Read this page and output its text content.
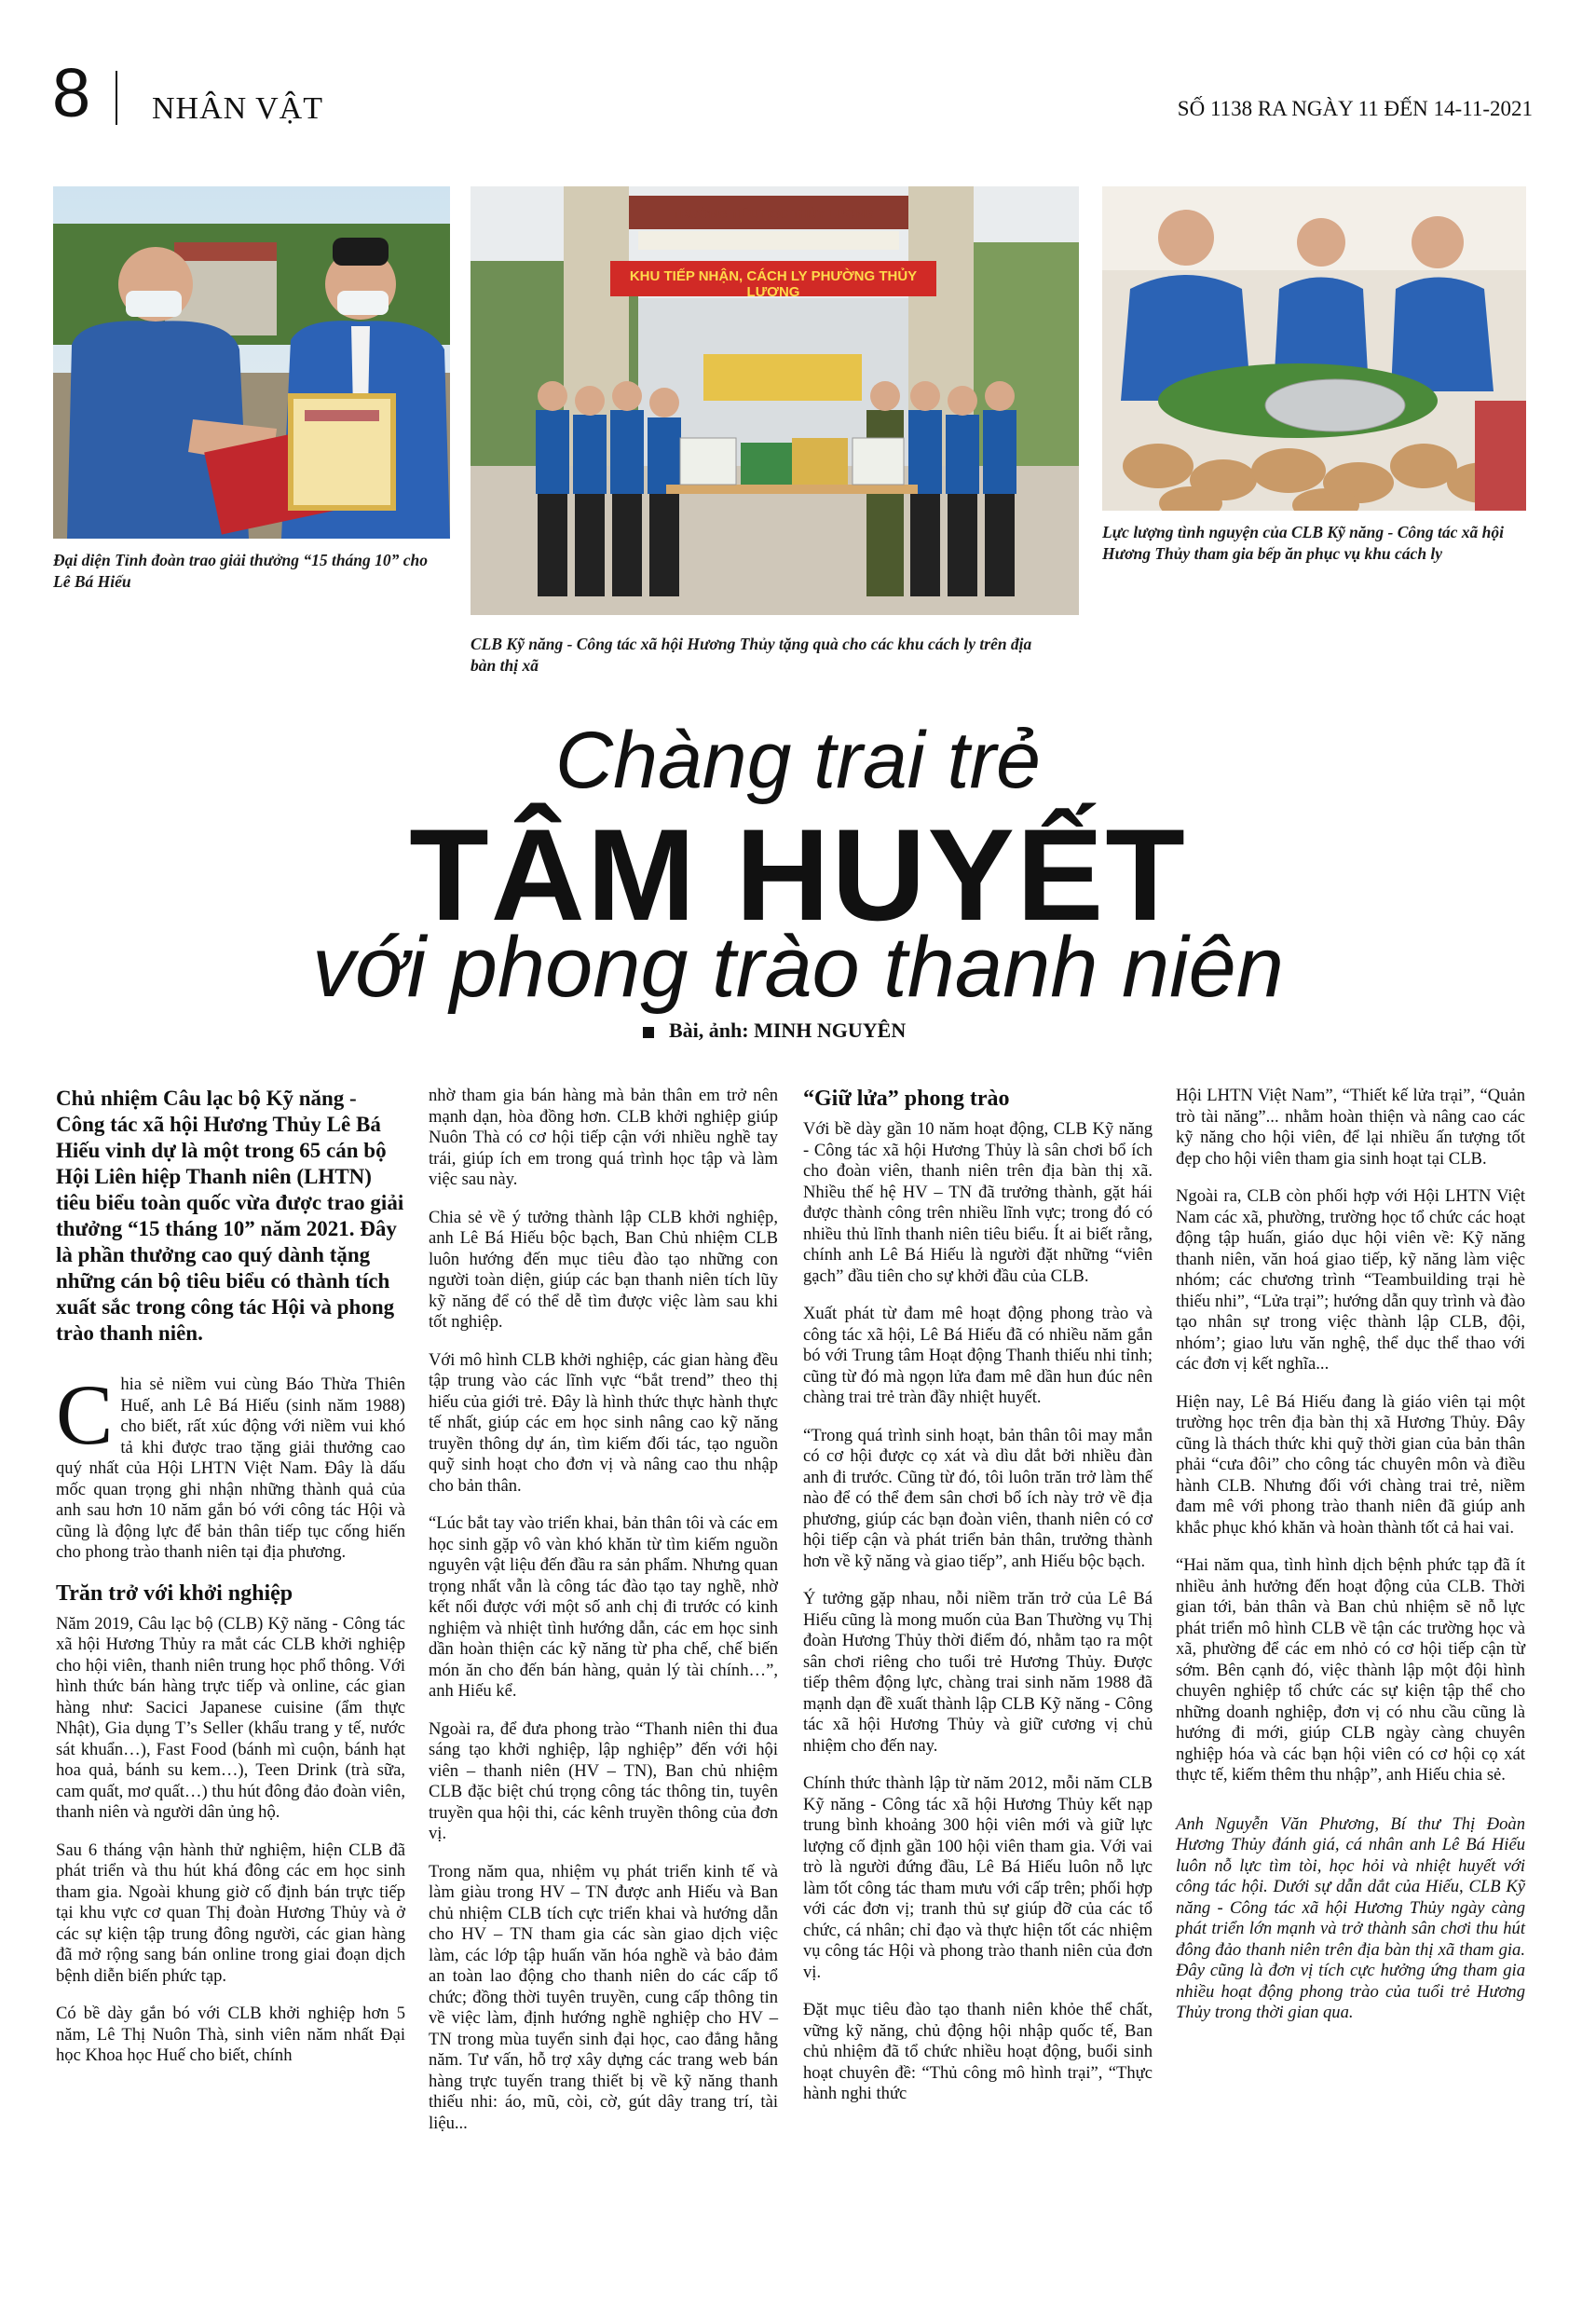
8 NHÂN VẬT	SỐ 1138 RA NGÀY 11 ĐẾN 14-11-2021
Đại diện Tỉnh đoàn trao giải thưởng “15 tháng 10” cho Lê Bá Hiếu
TRƯỜNG TIỂU HỌC THỦY LƯƠNG
KHU TIẾP NHẬN, CÁCH LY PHƯỜNG THỦY LƯƠNG
CLB Kỹ năng - Công tác xã hội Hương Thủy tặng quà cho các khu cách ly trên địa bàn thị xã
Lực lượng tình nguyện của CLB Kỹ năng - Công tác xã hội Hương Thủy tham gia bếp ăn phục vụ khu cách ly
Chàng trai trẻ
TÂM HUYẾT
với phong trào thanh niên
Bài, ảnh: MINH NGUYÊN

Chủ nhiệm Câu lạc bộ Kỹ năng - Công tác xã hội Hương Thủy Lê Bá Hiếu vinh dự là một trong 65 cán bộ Hội Liên hiệp Thanh niên (LHTN) tiêu biểu toàn quốc vừa được trao giải thưởng “15 tháng 10” năm 2021. Đây là phần thưởng cao quý dành tặng những cán bộ tiêu biểu có thành tích xuất sắc trong công tác Hội và phong trào thanh niên.

Chia sẻ niềm vui cùng Báo Thừa Thiên Huế, anh Lê Bá Hiếu (sinh năm 1988) cho biết, rất xúc động với niềm vui khó tả khi được trao tặng giải thưởng cao quý nhất của Hội LHTN Việt Nam. Đây là dấu mốc quan trọng ghi nhận những thành quả của anh sau hơn 10 năm gắn bó với công tác Hội và cũng là động lực để bản thân tiếp tục cống hiến cho phong trào thanh niên tại địa phương.

Trăn trở với khởi nghiệp

Năm 2019, Câu lạc bộ (CLB) Kỹ năng - Công tác xã hội Hương Thủy ra mắt các CLB khởi nghiệp cho hội viên, thanh niên trung học phổ thông. Với hình thức bán hàng trực tiếp và online, các gian hàng như: Sacici Japanese cuisine (ẩm thực Nhật), Gia dụng T’s Seller (khẩu trang y tế, nước sát khuẩn…), Fast Food (bánh mì cuộn, bánh hạt hoa quả, bánh su kem…), Teen Drink (trà sữa, cam quất, mơ quất…) thu hút đông đảo đoàn viên, thanh niên và người dân ủng hộ.

Sau 6 tháng vận hành thử nghiệm, hiện CLB đã phát triển và thu hút khá đông các em học sinh tham gia. Ngoài khung giờ cố định bán trực tiếp tại khu vực cơ quan Thị đoàn Hương Thủy và ở các sự kiện tập trung đông người, các gian hàng đã mở rộng sang bán online trong giai đoạn dịch bệnh diễn biến phức tạp.

Có bề dày gắn bó với CLB khởi nghiệp hơn 5 năm, Lê Thị Nuôn Thà, sinh viên năm nhất Đại học Khoa học Huế cho biết, chính

nhờ tham gia bán hàng mà bản thân em trở nên mạnh dạn, hòa đồng hơn. CLB khởi nghiệp giúp Nuôn Thà có cơ hội tiếp cận với nhiều nghề tay trái, giúp ích em trong quá trình học tập và làm việc sau này.

Chia sẻ về ý tưởng thành lập CLB khởi nghiệp, anh Lê Bá Hiếu bộc bạch, Ban Chủ nhiệm CLB luôn hướng đến mục tiêu đào tạo những con người toàn diện, giúp các bạn thanh niên tích lũy kỹ năng để có thể dễ tìm được việc làm sau khi tốt nghiệp.

Với mô hình CLB khởi nghiệp, các gian hàng đều tập trung vào các lĩnh vực “bắt trend” theo thị hiếu của giới trẻ. Đây là hình thức thực hành thực tế nhất, giúp các em học sinh nâng cao kỹ năng truyền thông dự án, tìm kiếm đối tác, tạo nguồn quỹ sinh hoạt cho đơn vị và nâng cao thu nhập cho bản thân.

“Lúc bắt tay vào triển khai, bản thân tôi và các em học sinh gặp vô vàn khó khăn từ tìm kiếm nguồn nguyên vật liệu đến đầu ra sản phẩm. Nhưng quan trọng nhất vẫn là công tác đào tạo tay nghề, nhờ kết nối được với một số anh chị đi trước có kinh nghiệm và nhiệt tình hướng dẫn, các em học sinh dần hoàn thiện các kỹ năng từ pha chế, chế biến món ăn cho đến bán hàng, quản lý tài chính…”, anh Hiếu kể.

Ngoài ra, để đưa phong trào “Thanh niên thi đua sáng tạo khởi nghiệp, lập nghiệp” đến với hội viên – thanh niên (HV – TN), Ban chủ nhiệm CLB đặc biệt chú trọng công tác thông tin, tuyên truyền qua hội thi, các kênh truyền thông của đơn vị.

Trong năm qua, nhiệm vụ phát triển kinh tế và làm giàu trong HV – TN được anh Hiếu và Ban chủ nhiệm CLB tích cực triển khai và hướng dẫn cho HV – TN tham gia các sàn giao dịch việc làm, các lớp tập huấn văn hóa nghề và bảo đảm an toàn lao động cho thanh niên do các cấp tổ chức; đồng thời tuyên truyền, cung cấp thông tin về việc làm, định hướng nghề nghiệp cho HV – TN trong mùa tuyển sinh đại học, cao đẳng hằng năm. Tư vấn, hỗ trợ xây dựng các trang web bán hàng trực tuyến trang thiết bị về kỹ năng thanh thiếu nhi: áo, mũ, còi, cờ, gút dây trang trí, tài liệu...

“Giữ lửa” phong trào

Với bề dày gần 10 năm hoạt động, CLB Kỹ năng - Công tác xã hội Hương Thủy là sân chơi bổ ích cho đoàn viên, thanh niên trên địa bàn thị xã. Nhiều thế hệ HV – TN đã trưởng thành, gặt hái được thành công trên nhiều lĩnh vực; trong đó có nhiều thủ lĩnh thanh niên tiêu biểu. Ít ai biết rằng, chính anh Lê Bá Hiếu là người đặt những “viên gạch” đầu tiên cho sự khởi đầu của CLB.

Xuất phát từ đam mê hoạt động phong trào và công tác xã hội, Lê Bá Hiếu đã có nhiều năm gắn bó với Trung tâm Hoạt động Thanh thiếu nhi tỉnh; cũng từ đó mà ngọn lửa đam mê dần hun đúc nên chàng trai trẻ tràn đầy nhiệt huyết.

“Trong quá trình sinh hoạt, bản thân tôi may mắn có cơ hội được cọ xát và dìu dắt bởi nhiều đàn anh đi trước. Cũng từ đó, tôi luôn trăn trở làm thế nào để có thể đem sân chơi bổ ích này trở về địa phương, giúp các bạn đoàn viên, thanh niên có cơ hội tiếp cận và phát triển bản thân, trưởng thành hơn về kỹ năng và giao tiếp”, anh Hiếu bộc bạch.

Ý tưởng gặp nhau, nỗi niềm trăn trở của Lê Bá Hiếu cũng là mong muốn của Ban Thường vụ Thị đoàn Hương Thủy thời điểm đó, nhằm tạo ra một sân chơi riêng cho tuổi trẻ Hương Thủy. Được tiếp thêm động lực, chàng trai sinh năm 1988 đã mạnh dạn đề xuất thành lập CLB Kỹ năng - Công tác xã hội Hương Thủy và giữ cương vị chủ nhiệm cho đến nay.

Chính thức thành lập từ năm 2012, mỗi năm CLB Kỹ năng - Công tác xã hội Hương Thủy kết nạp trung bình khoảng 300 hội viên mới và giữ lực lượng cố định gần 100 hội viên tham gia. Với vai trò là người đứng đầu, Lê Bá Hiếu luôn nỗ lực làm tốt công tác tham mưu với cấp trên; phối hợp với các đơn vị; tranh thủ sự giúp đỡ của các tổ chức, cá nhân; chỉ đạo và thực hiện tốt các nhiệm vụ công tác Hội và phong trào thanh niên của đơn vị.

Đặt mục tiêu đào tạo thanh niên khỏe thể chất, vững kỹ năng, chủ động hội nhập quốc tế, Ban chủ nhiệm đã tổ chức nhiều hoạt động, buổi sinh hoạt chuyên đề: “Thủ công mô hình trại”, “Thực hành nghi thức

Hội LHTN Việt Nam”, “Thiết kế lửa trại”, “Quản trò tài năng”... nhằm hoàn thiện và nâng cao các kỹ năng cho hội viên, để lại nhiều ấn tượng tốt đẹp cho hội viên tham gia sinh hoạt tại CLB.

Ngoài ra, CLB còn phối hợp với Hội LHTN Việt Nam các xã, phường, trường học tổ chức các hoạt động tập huấn, giáo dục hội viên về: Kỹ năng thanh niên, văn hoá giao tiếp, kỹ năng làm việc nhóm; các chương trình “Teambuilding trại hè thiếu nhi”, “Lửa trại”; hướng dẫn quy trình và đào tạo nhân sự trong việc thành lập CLB, đội, nhóm’; giao lưu văn nghệ, thể dục thể thao với các đơn vị kết nghĩa...

Hiện nay, Lê Bá Hiếu đang là giáo viên tại một trường học trên địa bàn thị xã Hương Thủy. Đây cũng là thách thức khi quỹ thời gian của bản thân phải “cưa đôi” cho công tác chuyên môn và điều hành CLB. Nhưng đối với chàng trai trẻ, niềm đam mê với phong trào thanh niên đã giúp anh khắc phục khó khăn và hoàn thành tốt cả hai vai.

“Hai năm qua, tình hình dịch bệnh phức tạp đã ít nhiều ảnh hưởng đến hoạt động của CLB. Thời gian tới, bản thân và Ban chủ nhiệm sẽ nỗ lực phát triển mô hình CLB về tận các trường học và xã, phường để các em nhỏ có cơ hội tiếp cận từ sớm. Bên cạnh đó, việc thành lập một đội hình chuyên nghiệp tổ chức các sự kiện tập thể cho những doanh nghiệp, đơn vị có nhu cầu cũng là hướng đi mới, giúp CLB ngày càng chuyên nghiệp hóa và các bạn hội viên có cơ hội cọ xát thực tế, kiếm thêm thu nhập”, anh Hiếu chia sẻ.

Anh Nguyễn Văn Phương, Bí thư Thị Đoàn Hương Thủy đánh giá, cá nhân anh Lê Bá Hiếu luôn nỗ lực tìm tòi, học hỏi và nhiệt huyết với công tác hội. Dưới sự dẫn dắt của Hiếu, CLB Kỹ năng - Công tác xã hội Hương Thủy ngày càng phát triển lớn mạnh và trở thành sân chơi thu hút đông đảo thanh niên trên địa bàn thị xã tham gia. Đây cũng là đơn vị tích cực hưởng ứng tham gia nhiều hoạt động phong trào của tuổi trẻ Hương Thủy trong thời gian qua.
